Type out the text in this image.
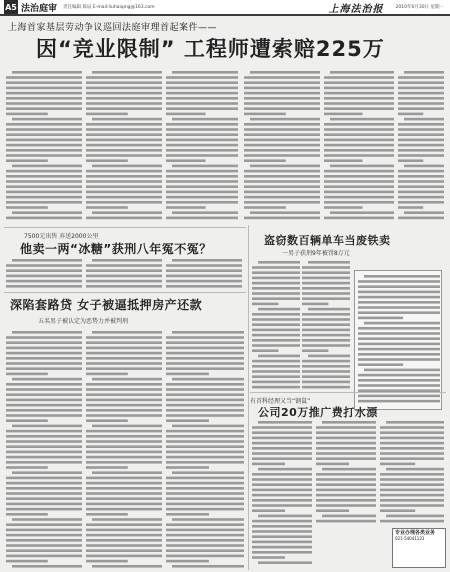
A5 法治庭审 责任编辑 陈辰 E-mail:liuhaiqing@163.com	上海法治报	2010年6月30日 星期一
上海首家基层劳动争议巡回法庭审理首起案件——
因“竞业限制” 工程师遭索赔225万
7500元出售 弃送2000公里
他卖一两“冰糖”获刑八年冤不冤？
深陷套路贷 女子被逼抵押房产还款
五名男子被认定为恶势力并被判刑
盗窃数百辆单车当废铁卖
一男子获刑9年被罚8万元
有首科经理又当“钢鼠”
公司20万推广费打水漂
专业办理各类业务
021-54041121
